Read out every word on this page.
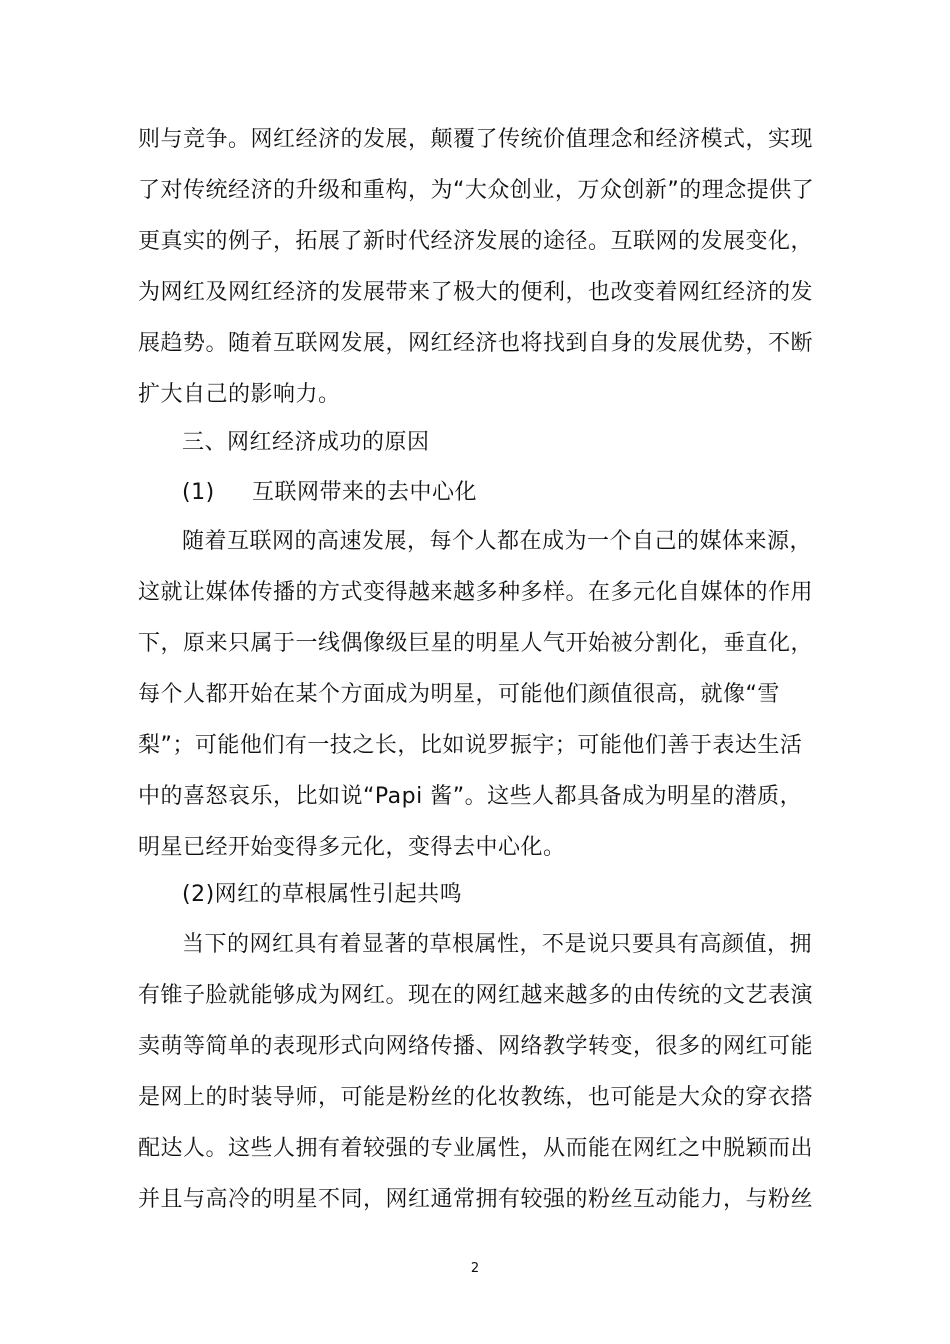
则与竞争。网红经济的发展，颠覆了传统价值理念和经济模式，实现
了对传统经济的升级和重构，为“大众创业，万众创新”的理念提供了
更真实的例子，拓展了新时代经济发展的途径。互联网的发展变化，
为网红及网红经济的发展带来了极大的便利，也改变着网红经济的发
展趋势。随着互联网发展，网红经济也将找到自身的发展优势，不断
扩大自己的影响力。
三、网红经济成功的原因
(1) 互联网带来的去中心化
随着互联网的高速发展，每个人都在成为一个自己的媒体来源，
这就让媒体传播的方式变得越来越多种多样。在多元化自媒体的作用
下，原来只属于一线偶像级巨星的明星人气开始被分割化，垂直化，
每个人都开始在某个方面成为明星，可能他们颜值很高，就像“雪
梨”；可能他们有一技之长，比如说罗振宇；可能他们善于表达生活
中的喜怒哀乐，比如说“Papi 酱”。这些人都具备成为明星的潜质，
明星已经开始变得多元化，变得去中心化。
(2)网红的草根属性引起共鸣
当下的网红具有着显著的草根属性，不是说只要具有高颜值，拥
有锥子脸就能够成为网红。现在的网红越来越多的由传统的文艺表演
卖萌等简单的表现形式向网络传播、网络教学转变，很多的网红可能
是网上的时装导师，可能是粉丝的化妆教练，也可能是大众的穿衣搭
配达人。这些人拥有着较强的专业属性，从而能在网红之中脱颖而出
并且与高冷的明星不同，网红通常拥有较强的粉丝互动能力，与粉丝
2
